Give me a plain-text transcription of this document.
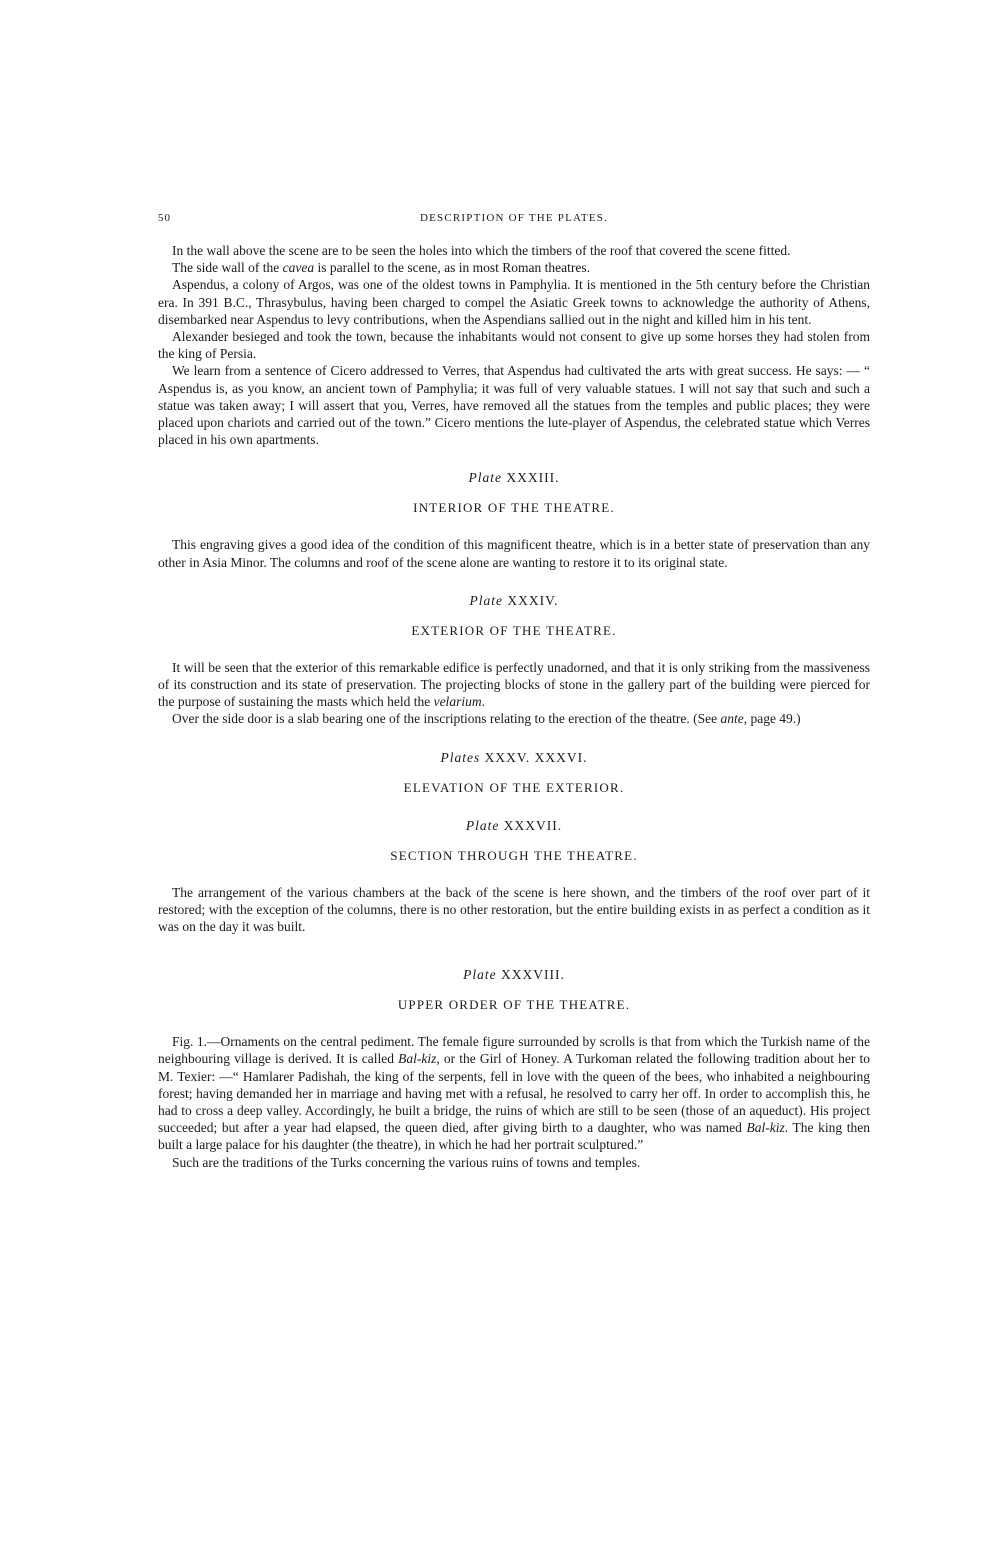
50	DESCRIPTION OF THE PLATES.

In the wall above the scene are to be seen the holes into which the timbers of the roof that covered the scene fitted.

The side wall of the cavea is parallel to the scene, as in most Roman theatres.

Aspendus, a colony of Argos, was one of the oldest towns in Pamphylia. It is mentioned in the 5th century before the Christian era. In 391 B.C., Thrasybulus, having been charged to compel the Asiatic Greek towns to acknowledge the authority of Athens, disembarked near Aspendus to levy contributions, when the Aspendians sallied out in the night and killed him in his tent.

Alexander besieged and took the town, because the inhabitants would not consent to give up some horses they had stolen from the king of Persia.

We learn from a sentence of Cicero addressed to Verres, that Aspendus had cultivated the arts with great success. He says: — “ Aspendus is, as you know, an ancient town of Pamphylia; it was full of very valuable statues. I will not say that such and such a statue was taken away; I will assert that you, Verres, have removed all the statues from the temples and public places; they were placed upon chariots and carried out of the town.” Cicero mentions the lute-player of Aspendus, the celebrated statue which Verres placed in his own apartments.

Plate XXXIII.
INTERIOR OF THE THEATRE.

This engraving gives a good idea of the condition of this magnificent theatre, which is in a better state of preservation than any other in Asia Minor. The columns and roof of the scene alone are wanting to restore it to its original state.

Plate XXXIV.
EXTERIOR OF THE THEATRE.

It will be seen that the exterior of this remarkable edifice is perfectly unadorned, and that it is only striking from the massiveness of its construction and its state of preservation. The projecting blocks of stone in the gallery part of the building were pierced for the purpose of sustaining the masts which held the velarium.

Over the side door is a slab bearing one of the inscriptions relating to the erection of the theatre. (See ante, page 49.)

Plates XXXV. XXXVI.
ELEVATION OF THE EXTERIOR.
Plate XXXVII.
SECTION THROUGH THE THEATRE.

The arrangement of the various chambers at the back of the scene is here shown, and the timbers of the roof over part of it restored; with the exception of the columns, there is no other restoration, but the entire building exists in as perfect a condition as it was on the day it was built.

Plate XXXVIII.
UPPER ORDER OF THE THEATRE.

Fig. 1.—Ornaments on the central pediment. The female figure surrounded by scrolls is that from which the Turkish name of the neighbouring village is derived. It is called Bal-kiz, or the Girl of Honey. A Turkoman related the following tradition about her to M. Texier: —“ Hamlarer Padishah, the king of the serpents, fell in love with the queen of the bees, who inhabited a neighbouring forest; having demanded her in marriage and having met with a refusal, he resolved to carry her off. In order to accomplish this, he had to cross a deep valley. Accordingly, he built a bridge, the ruins of which are still to be seen (those of an aqueduct). His project succeeded; but after a year had elapsed, the queen died, after giving birth to a daughter, who was named Bal-kiz. The king then built a large palace for his daughter (the theatre), in which he had her portrait sculptured.”

Such are the traditions of the Turks concerning the various ruins of towns and temples.
